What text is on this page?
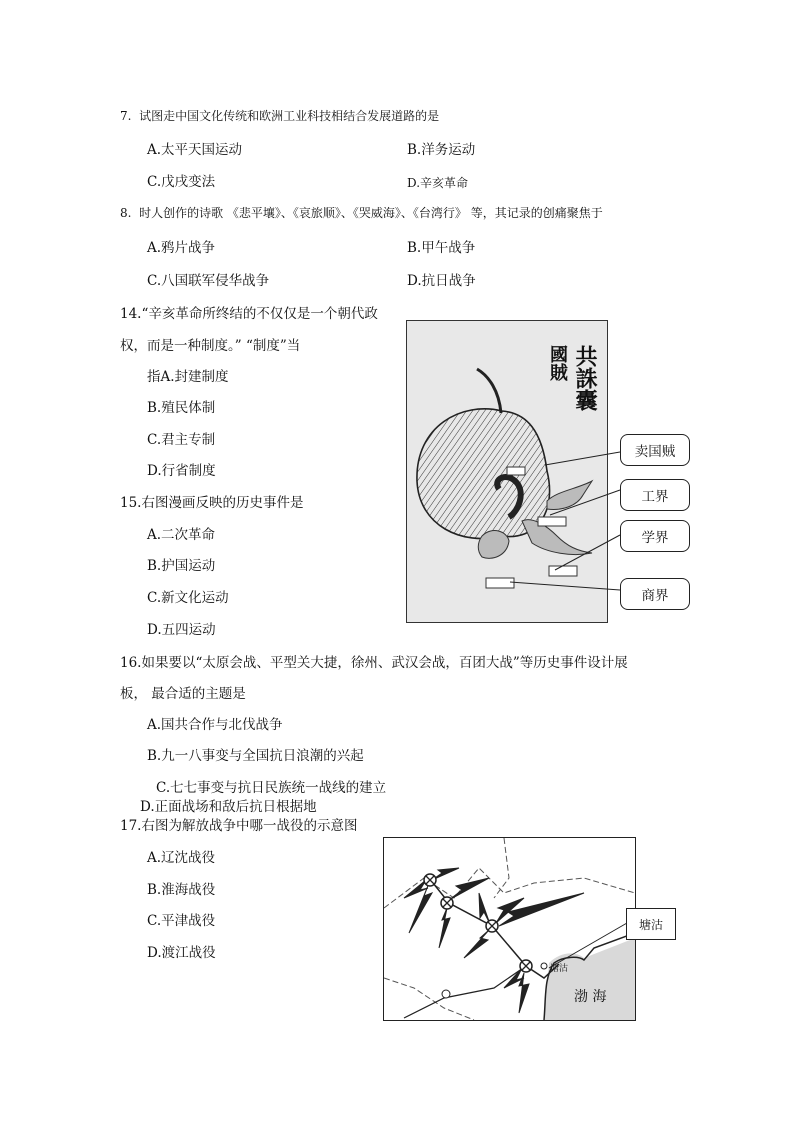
7. 试图走中国文化传统和欧洲工业科技相结合发展道路的是
A.太平天国运动	B.洋务运动
C.戊戌变法	D.辛亥革命
8. 时人创作的诗歌 《悲平壤》、《哀旅顺》、《哭威海》、《台湾行》 等，其记录的创痛聚焦于
A.鸦片战争	B.甲午战争
C.八国联军侵华战争	D.抗日战争
14.“辛亥革命所终结的不仅仅是一个朝代政
权，而是一种制度。” “制度”当
指A.封建制度
B.殖民体制
C.君主专制
D.行省制度
15.右图漫画反映的历史事件是
A.二次革命
B.护国运动
C.新文化运动
D.五四运动
共誅囊
國賊
卖国贼
工界
学界
商界
16.如果要以“太原会战、平型关大捷，徐州、武汉会战，百团大战”等历史事件设计展
板， 最合适的主题是
A.国共合作与北伐战争
B.九一八事变与全国抗日浪潮的兴起
C.七七事变与抗日民族统一战线的建立
D.正面战场和敌后抗日根据地
17.右图为解放战争中哪一战役的示意图
A.辽沈战役
B.淮海战役
C.平津战役
D.渡江战役
塘沽
渤 海
塘沽
